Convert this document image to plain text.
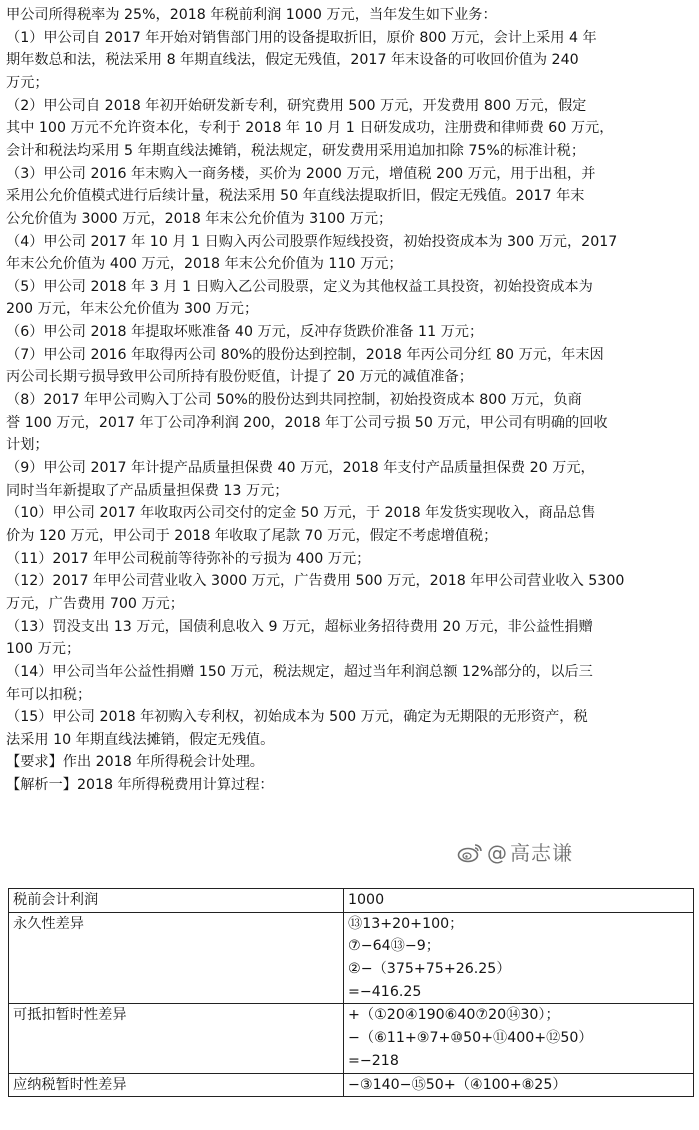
甲公司所得税率为 25%，2018 年税前利润 1000 万元，当年发生如下业务：
（1）甲公司自 2017 年开始对销售部门用的设备提取折旧，原价 800 万元，会计上采用 4 年
期年数总和法，税法采用 8 年期直线法，假定无残值，2017 年末设备的可收回价值为 240
万元；
（2）甲公司自 2018 年初开始研发新专利，研究费用 500 万元，开发费用 800 万元，假定
其中 100 万元不允许资本化，专利于 2018 年 10 月 1 日研发成功，注册费和律师费 60 万元，
会计和税法均采用 5 年期直线法摊销，税法规定，研发费用采用追加扣除 75%的标准计税；
（3）甲公司 2016 年末购入一商务楼，买价为 2000 万元，增值税 200 万元，用于出租，并
采用公允价值模式进行后续计量，税法采用 50 年直线法提取折旧，假定无残值。2017 年末
公允价值为 3000 万元，2018 年末公允价值为 3100 万元；
（4）甲公司 2017 年 10 月 1 日购入丙公司股票作短线投资，初始投资成本为 300 万元，2017
年末公允价值为 400 万元，2018 年末公允价值为 110 万元；
（5）甲公司 2018 年 3 月 1 日购入乙公司股票，定义为其他权益工具投资，初始投资成本为
200 万元，年末公允价值为 300 万元；
（6）甲公司 2018 年提取坏账准备 40 万元，反冲存货跌价准备 11 万元；
（7）甲公司 2016 年取得丙公司 80%的股份达到控制，2018 年丙公司分红 80 万元，年末因
丙公司长期亏损导致甲公司所持有股份贬值，计提了 20 万元的减值准备；
（8）2017 年甲公司购入丁公司 50%的股份达到共同控制，初始投资成本 800 万元，负商
誉 100 万元，2017 年丁公司净利润 200，2018 年丁公司亏损 50 万元，甲公司有明确的回收
计划；
（9）甲公司 2017 年计提产品质量担保费 40 万元，2018 年支付产品质量担保费 20 万元，
同时当年新提取了产品质量担保费 13 万元；
（10）甲公司 2017 年收取丙公司交付的定金 50 万元，于 2018 年发货实现收入，商品总售
价为 120 万元，甲公司于 2018 年收取了尾款 70 万元，假定不考虑增值税；
（11）2017 年甲公司税前等待弥补的亏损为 400 万元；
（12）2017 年甲公司营业收入 3000 万元，广告费用 500 万元，2018 年甲公司营业收入 5300
万元，广告费用 700 万元；
（13）罚没支出 13 万元，国债利息收入 9 万元，超标业务招待费用 20 万元，非公益性捐赠
100 万元；
（14）甲公司当年公益性捐赠 150 万元，税法规定，超过当年利润总额 12%部分的，以后三
年可以扣税；
（15）甲公司 2018 年初购入专利权，初始成本为 500 万元，确定为无期限的无形资产，税
法采用 10 年期直线法摊销，假定无残值。
【要求】作出 2018 年所得税会计处理。
【解析一】2018 年所得税费用计算过程：
@ 高志谦
税前会计利润	1000

永久性差异	⑬13+20+100；
⑦−64⑬−9；
②−（375+75+26.25）
=−416.25

可抵扣暂时性差异	+（①20④190⑥40⑦20⑭30）；
−（⑥11+⑨7+⑩50+⑪400+⑫50）
=−218

应纳税暂时性差异	−③140−⑮50+（④100+⑧25）
